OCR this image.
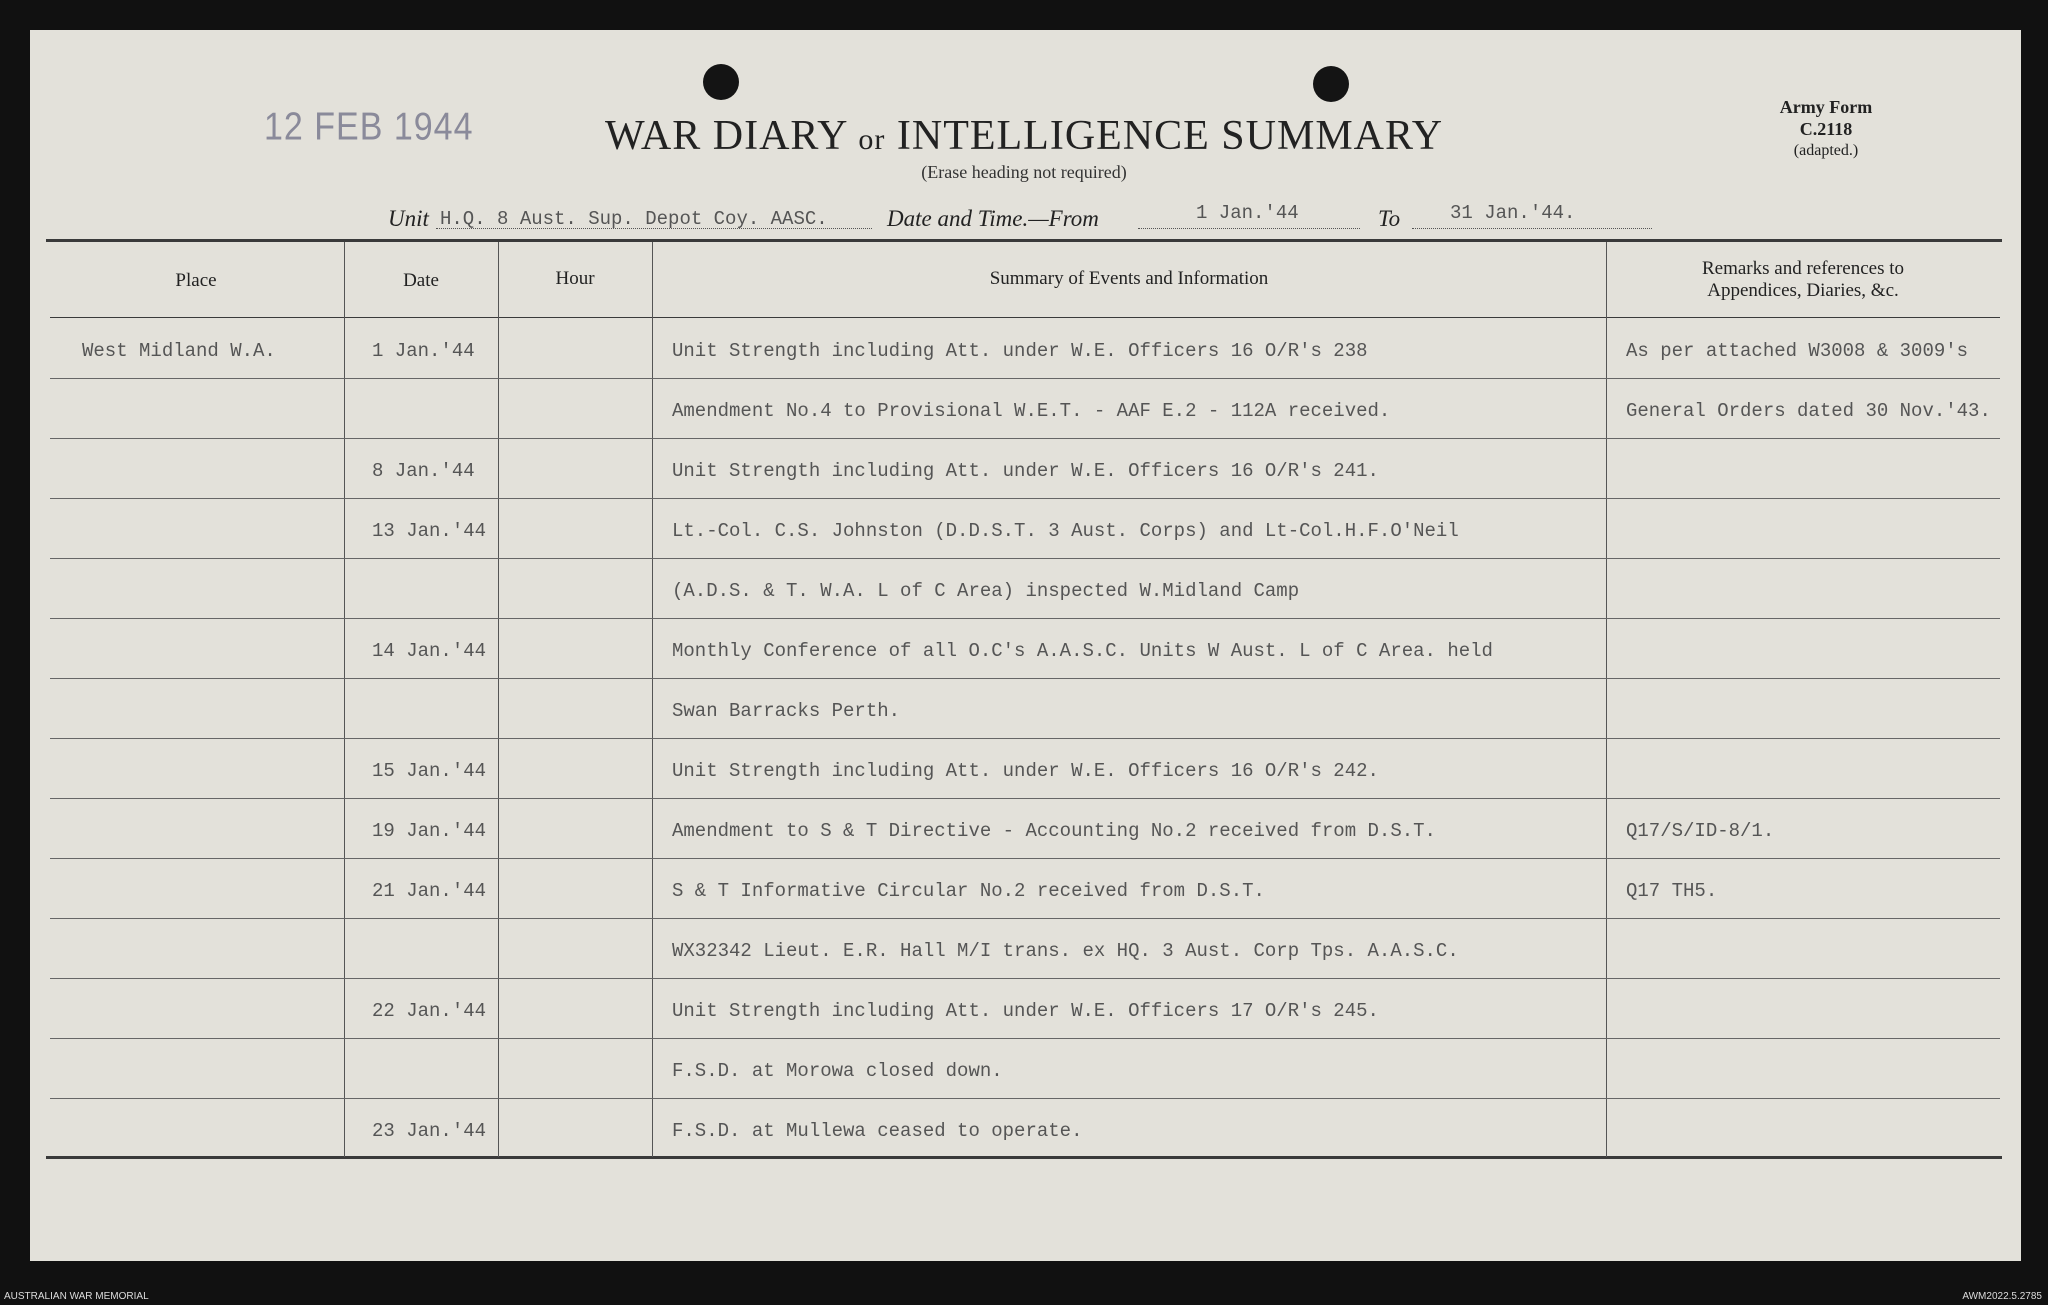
12 FEB 1944	WAR DIARY or INTELLIGENCE SUMMARY
(Erase heading not required)
Army Form C.2118
(adapted.)
Unit H.Q. 8 Aust. Sup. Depot Coy. AASC.	Date and Time.—From	1 Jan.'44	To	31 Jan.'44.
Place	Date	Hour	Summary of Events and Information	Remarks and references to
Appendices, Diaries, &c.
West Midland W.A.	1 Jan.'44	Unit Strength including Att. under W.E. Officers 16 O/R's 238	As per attached W3008 & 3009's
Amendment No.4 to Provisional W.E.T. - AAF E.2 - 112A received.	General Orders dated 30 Nov.'43.
8 Jan.'44	Unit Strength including Att. under W.E. Officers 16 O/R's 241.
13 Jan.'44	Lt.-Col. C.S. Johnston (D.D.S.T. 3 Aust. Corps) and Lt-Col.H.F.O'Neil
(A.D.S. & T. W.A. L of C Area) inspected W.Midland Camp
14 Jan.'44	Monthly Conference of all O.C's A.A.S.C. Units W Aust. L of C Area. held
Swan Barracks Perth.
15 Jan.'44	Unit Strength including Att. under W.E. Officers 16 O/R's 242.
19 Jan.'44	Amendment to S & T Directive - Accounting No.2 received from D.S.T.	Q17/S/ID-8/1.
21 Jan.'44	S & T Informative Circular No.2 received from D.S.T.	Q17 TH5.
WX32342 Lieut. E.R. Hall M/I trans. ex HQ. 3 Aust. Corp Tps. A.A.S.C.
22 Jan.'44	Unit Strength including Att. under W.E. Officers 17 O/R's 245.
F.S.D. at Morowa closed down.
23 Jan.'44	F.S.D. at Mullewa ceased to operate.
AUSTRALIAN WAR MEMORIAL	AWM2022.5.2785
